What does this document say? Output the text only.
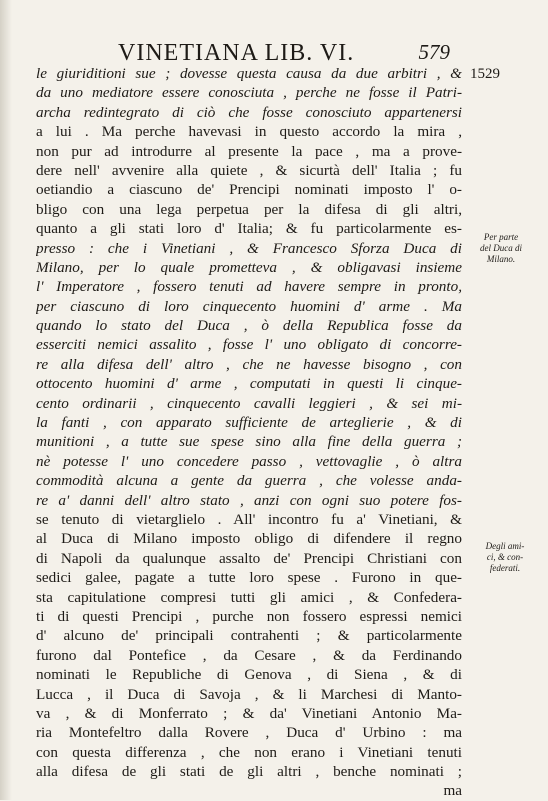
VINETIANA LIB. VI.	579
1529
Per parte
del Duca di
Milano.
Degli ami-
ci, & con-
federati.
le giuriditioni sue ; dovesse questa causa da due arbitri , &
da uno mediatore essere conosciuta , perche ne fosse il Patri-
archa redintegrato di ciò che fosse conosciuto appartenersi
a lui . Ma perche havevasi in questo accordo la mira ,
non pur ad introdurre al presente la pace , ma a prove-
dere nell' avvenire alla quiete , & sicurtà dell' Italia ; fu
oetiandio a ciascuno de' Prencipi nominati imposto l' o-
bligo con una lega perpetua per la difesa di gli altri,
quanto a gli stati loro d' Italia; & fu particolarmente es-
presso : che i Vinetiani , & Francesco Sforza Duca di
Milano, per lo quale prometteva , & obligavasi insieme
l' Imperatore , fossero tenuti ad havere sempre in pronto,
per ciascuno di loro cinquecento huomini d' arme . Ma
quando lo stato del Duca , ò della Republica fosse da
esserciti nemici assalito , fosse l' uno obligato di concorre-
re alla difesa dell' altro , che ne havesse bisogno , con
ottocento huomini d' arme , computati in questi li cinque-
cento ordinarii , cinquecento cavalli leggieri , & sei mi-
la fanti , con apparato sufficiente de arteglierie , & di
munitioni , a tutte sue spese sino alla fine della guerra ;
nè potesse l' uno concedere passo , vettovaglie , ò altra
commodità alcuna a gente da guerra , che volesse anda-
re a' danni dell' altro stato , anzi con ogni suo potere fos-
se tenuto di vietarglielo . All' incontro fu a' Vinetiani, &
al Duca di Milano imposto obligo di difendere il regno
di Napoli da qualunque assalto de' Prencipi Christiani con
sedici galee, pagate a tutte loro spese . Furono in que-
sta capitulatione compresi tutti gli amici , & Confedera-
ti di questi Prencipi , purche non fossero espressi nemici
d' alcuno de' principali contrahenti ; & particolarmente
furono dal Pontefice , da Cesare , & da Ferdinando
nominati le Republiche di Genova , di Siena , & di
Lucca , il Duca di Savoja , & li Marchesi di Manto-
va , & di Monferrato ; & da' Vinetiani Antonio Ma-
ria Montefeltro dalla Rovere , Duca d' Urbino : ma
con questa differenza , che non erano i Vinetiani tenuti
alla difesa de gli stati de gli altri , benche nominati ;
ma
